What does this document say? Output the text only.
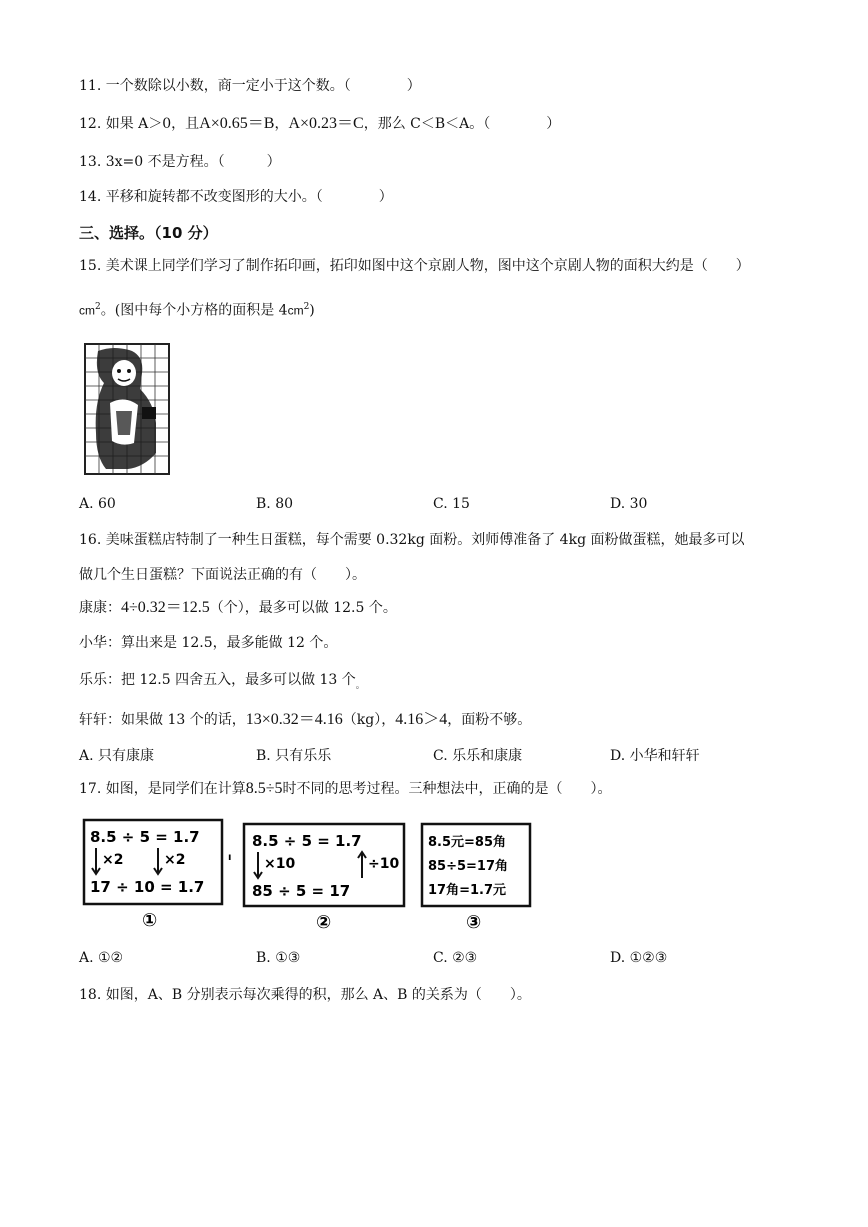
11. 一个数除以小数，商一定小于这个数。（　　　　）
12. 如果 A＞0，且A×0.65＝B，A×0.23＝C，那么 C＜B＜A。（　　　　）
13. 3x=0 不是方程。（　　　）
14. 平移和旋转都不改变图形的大小。（　　　　）
三、选择。（10 分）
15. 美术课上同学们学习了制作拓印画，拓印如图中这个京剧人物，图中这个京剧人物的面积大约是（　　）
$cm^2$。(图中每个小方格的面积是 $4cm^2$)
A. 60	B. 80	C. 15	D. 30
16. 美味蛋糕店特制了一种生日蛋糕，每个需要 0.32kg 面粉。刘师傅准备了 4kg 面粉做蛋糕，她最多可以
做几个生日蛋糕？下面说法正确的有（　　）。
康康：4÷0.32＝12.5（个），最多可以做 12.5 个。
小华：算出来是 12.5，最多能做 12 个。
乐乐：把 12.5 四舍五入，最多可以做 13 个$_。$
轩轩：如果做 13 个的话，13×0.32＝4.16（kg），4.16＞4，面粉不够。
A. 只有康康	B. 只有乐乐	C. 乐乐和康康	D. 小华和轩轩
17. 如图，是同学们在计算8.5÷5时不同的思考过程。三种想法中，正确的是（　　）。
8.5 ÷ 5 = 1.7
×2	×2
17 ÷ 10 = 1.7
①
ı
8.5 ÷ 5 = 1.7
×10	÷10
85 ÷ 5 = 17
②
8.5元=85角
85÷5=17角
17角=1.7元
③
A. ①②	B. ①③	C. ②③	D. ①②③
18. 如图，A、B 分别表示每次乘得的积，那么 A、B 的关系为（　　）。
